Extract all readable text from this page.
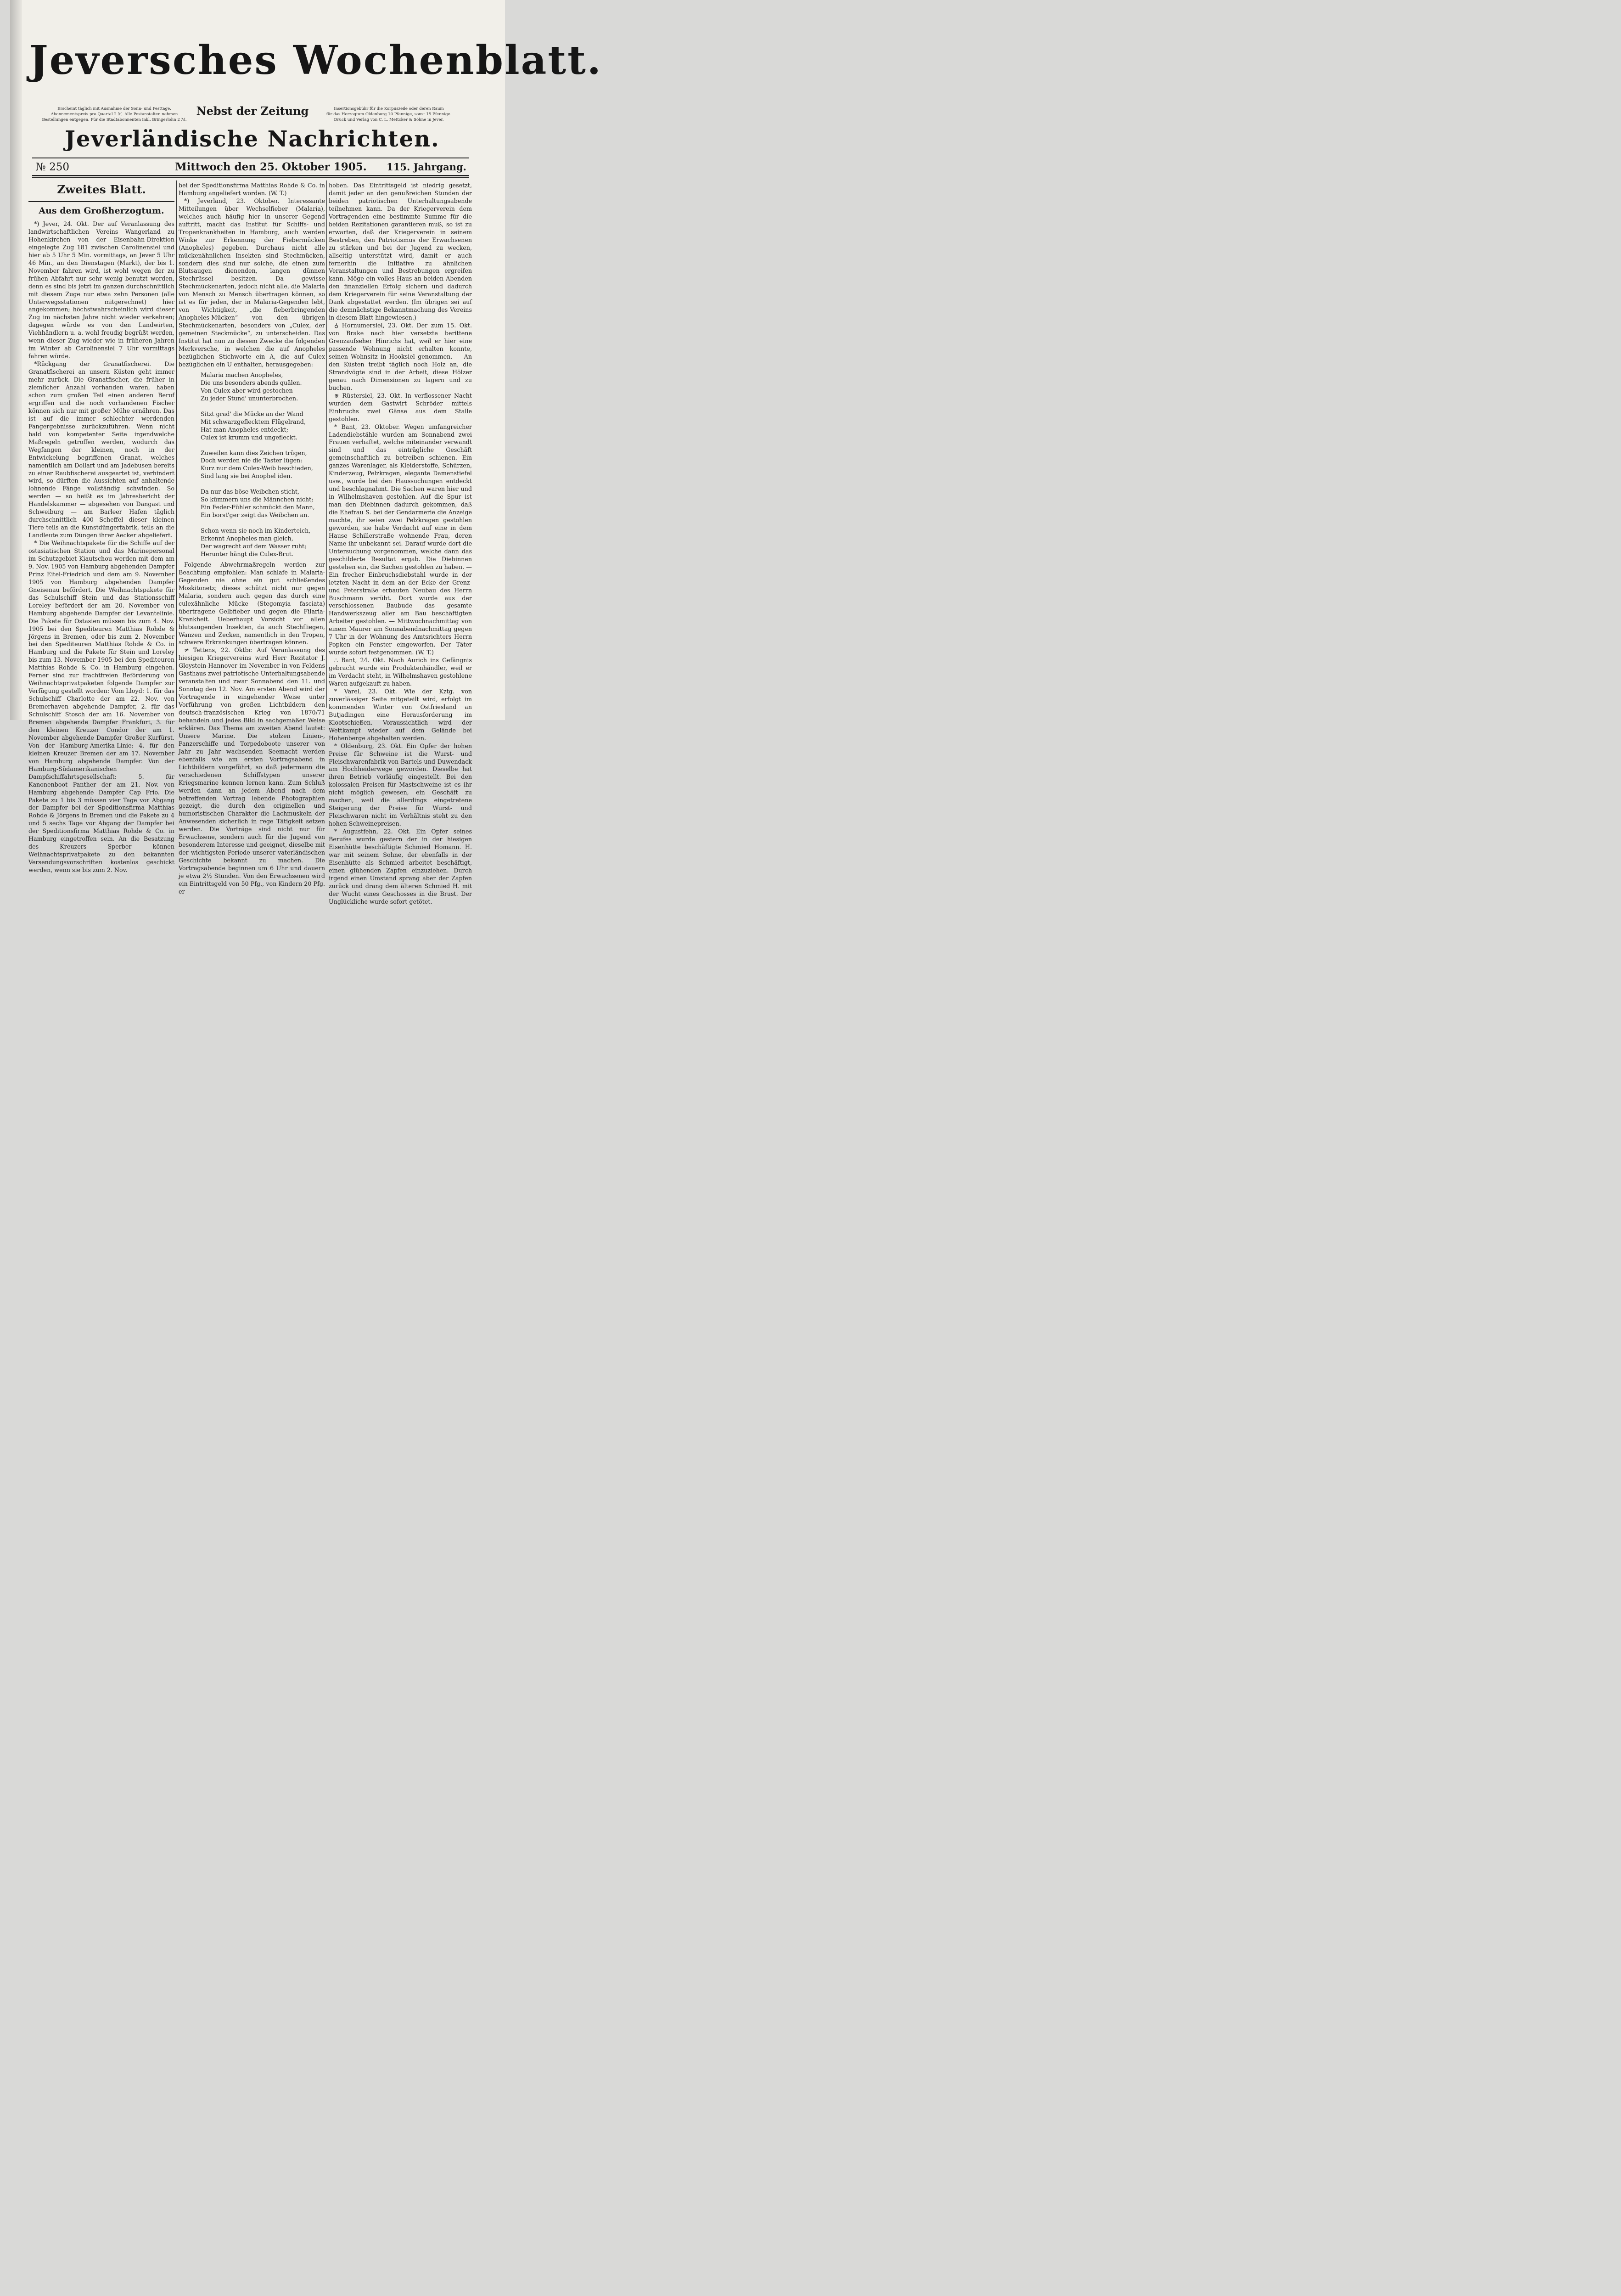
Jeversches Wochenblatt.

Erscheint täglich mit Ausnahme der Sonn- und Festtage.

Abonnementspreis pro Quartal 2 ℳ. Alle Postanstalten nehmen

Bestellungen entgegen. Für die Stadtabonnenten inkl. Bringerlohn 2 ℳ.

Nebst der Zeitung	Insertionsgebühr für die Korpuszeile oder deren Raum

für das Herzogtum Oldenburg 10 Pfennige, sonst 15 Pfennige.

Druck und Verlag von C. L. Mettcker & Söhne in Jever.

Jeverländische Nachrichten.
№ 250	Mittwoch den 25. Oktober 1905.	115. Jahrgang.

Zweites Blatt.

Aus dem Großherzogtum.

*) Jever, 24. Okt. Der auf Veranlassung des landwirtschaftlichen Vereins Wangerland zu Hohenkirchen von der Eisenbahn-Direktion eingelegte Zug 181 zwischen Carolinensiel und hier ab 5 Uhr 5 Min. vormittags, an Jever 5 Uhr 46 Min., an den Dienstagen (Markt), der bis 1. November fahren wird, ist wohl wegen der zu frühen Abfahrt nur sehr wenig benutzt worden, denn es sind bis jetzt im ganzen durchschnittlich mit diesem Zuge nur etwa zehn Personen (alle Unterwegsstationen mitgerechnet) hier angekommen; höchstwahrscheinlich wird dieser Zug im nächsten Jahre nicht wieder verkehren; dagegen würde es von den Landwirten, Viehhändlern u. a. wohl freudig begrüßt werden, wenn dieser Zug wieder wie in früheren Jahren im Winter ab Carolinensiel 7 Uhr vormittags fahren würde.

*Rückgang der Granatfischerei. Die Granatfischerei an unsern Küsten geht immer mehr zurück. Die Granatfischer, die früher in ziemlicher Anzahl vorhanden waren, haben schon zum großen Teil einen anderen Beruf ergriffen und die noch vorhandenen Fischer können sich nur mit großer Mühe ernähren. Das ist auf die immer schlechter werdenden Fangergebnisse zurückzuführen. Wenn nicht bald von kompetenter Seite irgendwelche Maßregeln getroffen werden, wodurch das Wegfangen der kleinen, noch in der Entwickelung begriffenen Granat, welches namentlich am Dollart und am Jadebusen bereits zu einer Raubfischerei ausgeartet ist, verhindert wird, so dürften die Aussichten auf anhaltende lohnende Fänge vollständig schwinden. So werden — so heißt es im Jahresbericht der Handelskammer — abgesehen von Dangast und Schweiburg — am Barleer Hafen täglich durchschnittlich 400 Scheffel dieser kleinen Tiere teils an die Kunstdüngerfabrik, teils an die Landleute zum Düngen ihrer Aecker abgeliefert.

* Die Weihnachtspakete für die Schiffe auf der ostasiatischen Station und das Marinepersonal im Schutzgebiet Kiautschou werden mit dem am 9. Nov. 1905 von Hamburg abgehenden Dampfer Prinz Eitel-Friedrich und dem am 9. November 1905 von Hamburg abgehenden Dampfer Gneisenau befördert. Die Weihnachtspakete für das Schulschiff Stein und das Stationsschiff Loreley befördert der am 20. November von Hamburg abgehende Dampfer der Levantelinie. Die Pakete für Ostasien müssen bis zum 4. Nov. 1905 bei den Spediteuren Matthias Rohde & Jörgens in Bremen, oder bis zum 2. November bei den Spediteuren Matthias Rohde & Co. in Hamburg und die Pakete für Stein und Loreley bis zum 13. November 1905 bei den Spediteuren Matthias Rohde & Co. in Hamburg eingehen. Ferner sind zur frachtfreien Beförderung von Weihnachtsprivatpaketen folgende Dampfer zur Verfügung gestellt worden: Vom Lloyd: 1. für das Schulschiff Charlotte der am 22. Nov. von Bremerhaven abgehende Dampfer, 2. für das Schulschiff Stosch der am 16. November von Bremen abgehende Dampfer Frankfurt, 3. für den kleinen Kreuzer Condor der am 1. November abgehende Dampfer Großer Kurfürst. Von der Hamburg-Amerika-Linie: 4. für den kleinen Kreuzer Bremen der am 17. November von Hamburg abgehende Dampfer. Von der Hamburg-Südamerikanischen Dampfschiffahrtsgesellschaft: 5. für Kanonenboot Panther der am 21. Nov. von Hamburg abgehende Dampfer Cap Frio. Die Pakete zu 1 bis 3 müssen vier Tage vor Abgang der Dampfer bei der Speditionsfirma Matthias Rohde & Jörgens in Bremen und die Pakete zu 4 und 5 sechs Tage vor Abgang der Dampfer bei der Speditionsfirma Matthias Rohde & Co. in Hamburg eingetroffen sein. An die Besatzung des Kreuzers Sperber können Weihnachtsprivatpakete zu den bekannten Versendungsvorschriften kostenlos geschickt werden, wenn sie bis zum 2. Nov.

bei der Speditionsfirma Matthias Rohde & Co. in Hamburg angeliefert worden. (W. T.)

*) Jeverland, 23. Oktober. Interessante Mitteilungen über Wechselfieber (Malaria), welches auch häufig hier in unserer Gegend auftritt, macht das Institut für Schiffs- und Tropenkrankheiten in Hamburg, auch werden Winke zur Erkennung der Fiebermücken (Anopheles) gegeben. Durchaus nicht alle mückenähnlichen Insekten sind Stechmücken, sondern dies sind nur solche, die einen zum Blutsaugen dienenden, langen dünnen Stechrüssel besitzen. Da gewisse Stechmückenarten, jedoch nicht alle, die Malaria von Mensch zu Mensch übertragen können, so ist es für jeden, der in Malaria-Gegenden lebt, von Wichtigkeit, „die fieberbringenden Anopheles-Mücken“ von den übrigen Stechmückenarten, besonders von „Culex, der gemeinen Steckmücke“, zu unterscheiden. Das Institut hat nun zu diesem Zwecke die folgenden Merkversche, in welchen die auf Anopheles bezüglichen Stichworte ein A, die auf Culex bezüglichen ein U enthalten, herausgegeben:

Malaria machen Anopheles,
Die uns besonders abends quälen.
Von Culex aber wird gestochen
Zu jeder Stund' ununterbrochen.
Sitzt grad' die Mücke an der Wand
Mit schwarzgeflecktem Flügelrand,
Hat man Anopheles entdeckt;
Culex ist krumm und ungefleckt.
Zuweilen kann dies Zeichen trügen,
Doch werden nie die Taster lügen:
Kurz nur dem Culex-Weib beschieden,
Sind lang sie bei Anophel iden.
Da nur das böse Weibchen sticht,
So kümmern uns die Männchen nicht;
Ein Feder-Fühler schmückt den Mann,
Ein borst'ger zeigt das Weibchen an.
Schon wenn sie noch im Kinderteich,
Erkennt Anopheles man gleich,
Der wagrecht auf dem Wasser ruht;
Herunter hängt die Culex-Brut.

Folgende Abwehrmaßregeln werden zur Beachtung empfohlen: Man schlafe in Malaria-Gegenden nie ohne ein gut schließendes Moskitonetz; dieses schützt nicht nur gegen Malaria, sondern auch gegen das durch eine culexähnliche Mücke (Stegomyia fasciata) übertragene Gelbfieber und gegen die Filaria-Krankheit. Ueberhaupt Vorsicht vor allen blutsaugenden Insekten, da auch Stechfliegen, Wanzen und Zecken, namentlich in den Tropen, schwere Erkrankungen übertragen können.

≠ Tettens, 22. Oktbr. Auf Veranlassung des hiesigen Kriegervereins wird Herr Rezitator J. Gloystein-Hannover im November in von Feldens Gasthaus zwei patriotische Unterhaltungsabende veranstalten und zwar Sonnabend den 11. und Sonntag den 12. Nov. Am ersten Abend wird der Vortragende in eingehender Weise unter Vorführung von großen Lichtbildern den deutsch-französischen Krieg von 1870/71 behandeln und jedes Bild in sachgemäßer Weise erklären. Das Thema am zweiten Abend lautet: Unsere Marine. Die stolzen Linien-, Panzerschiffe und Torpedoboote unserer von Jahr zu Jahr wachsenden Seemacht werden ebenfalls wie am ersten Vortragsabend in Lichtbildern vorgeführt, so daß jedermann die verschiedenen Schiffstypen unserer Kriegsmarine kennen lernen kann. Zum Schluß werden dann an jedem Abend nach dem betreffenden Vortrag lebende Photographien gezeigt, die durch den originellen und humoristischen Charakter die Lachmuskeln der Anwesenden sicherlich in rege Tätigkeit setzen werden. Die Vorträge sind nicht nur für Erwachsene, sondern auch für die Jugend von besonderem Interesse und geeignet, dieselbe mit der wichtigsten Periode unserer vaterländischen Geschichte bekannt zu machen. Die Vortragsabende beginnen um 6 Uhr und dauern je etwa 2½ Stunden. Von den Erwachsenen wird ein Eintrittsgeld von 50 Pfg., von Kindern 20 Pfg. er-

hoben. Das Eintrittsgeld ist niedrig gesetzt, damit jeder an den genußreichen Stunden der beiden patriotischen Unterhaltungsabende teilnehmen kann. Da der Kriegerverein dem Vortragenden eine bestimmte Summe für die beiden Rezitationen garantieren muß, so ist zu erwarten, daß der Kriegerverein in seinem Bestreben, den Patriotismus der Erwachsenen zu stärken und bei der Jugend zu wecken, allseitig unterstützt wird, damit er auch fernerhin die Initiative zu ähnlichen Veranstaltungen und Bestrebungen ergreifen kann. Möge ein volles Haus an beiden Abenden den finanziellen Erfolg sichern und dadurch dem Kriegerverein für seine Veranstaltung der Dank abgestattet werden. (Im übrigen sei auf die demnächstige Bekanntmachung des Vereins in diesem Blatt hingewiesen.)

♁ Hornumersiel, 23. Okt. Der zum 15. Okt. von Brake nach hier versetzte berittene Grenzaufseher Hinrichs hat, weil er hier eine passende Wohnung nicht erhalten konnte, seinen Wohnsitz in Hooksiel genommen. — An den Küsten treibt täglich noch Holz an, die Strandvögte sind in der Arbeit, diese Hölzer genau nach Dimensionen zu lagern und zu buchen.

⋇ Rüstersiel, 23. Okt. In verflossener Nacht wurden dem Gastwirt Schröder mittels Einbruchs zwei Gänse aus dem Stalle gestohlen.

* Bant, 23. Oktober. Wegen umfangreicher Ladendiebstähle wurden am Sonnabend zwei Frauen verhaftet, welche miteinander verwandt sind und das einträgliche Geschäft gemeinschaftlich zu betreiben schienen. Ein ganzes Warenlager, als Kleiderstoffe, Schürzen, Kinderzeug, Pelzkragen, elegante Damenstiefel usw., wurde bei den Haussuchungen entdeckt und beschlagnahmt. Die Sachen waren hier und in Wilhelmshaven gestohlen. Auf die Spur ist man den Diebinnen dadurch gekommen, daß die Ehefrau S. bei der Gendarmerie die Anzeige machte, ihr seien zwei Pelzkragen gestohlen geworden, sie habe Verdacht auf eine in dem Hause Schillerstraße wohnende Frau, deren Name ihr unbekannt sei. Darauf wurde dort die Untersuchung vorgenommen, welche dann das geschilderte Resultat ergab. Die Diebinnen gestehen ein, die Sachen gestohlen zu haben. — Ein frecher Einbruchsdiebstahl wurde in der letzten Nacht in dem an der Ecke der Grenz- und Peterstraße erbauten Neubau des Herrn Buschmann verübt. Dort wurde aus der verschlossenen Baubude das gesamte Handwerkszeug aller am Bau beschäftigten Arbeiter gestohlen. — Mittwochnachmittag von einem Maurer am Sonnabendnachmittag gegen 7 Uhr in der Wohnung des Amtsrichters Herrn Popken ein Fenster eingeworfen. Der Täter wurde sofort festgenommen. (W. T.)

∴ Bant, 24. Okt. Nach Aurich ins Gefängnis gebracht wurde ein Produktenhändler, weil er im Verdacht steht, in Wilhelmshaven gestohlene Waren aufgekauft zu haben.

* Varel, 23. Okt. Wie der Kztg. von zuverlässiger Seite mitgeteilt wird, erfolgt im kommenden Winter von Ostfriesland an Butjadingen eine Herausforderung im Klootschießen. Voraussichtlich wird der Wettkampf wieder auf dem Gelände bei Hohenberge abgehalten werden.

* Oldenburg, 23. Okt. Ein Opfer der hohen Preise für Schweine ist die Wurst- und Fleischwarenfabrik von Bartels und Duwendack am Hochheiderwege geworden. Dieselbe hat ihren Betrieb vorläufig eingestellt. Bei den kolossalen Preisen für Mastschweine ist es ihr nicht möglich gewesen, ein Geschäft zu machen, weil die allerdings eingetretene Steigerung der Preise für Wurst- und Fleischwaren nicht im Verhältnis steht zu den hohen Schweinepreisen.

* Augustfehn, 22. Okt. Ein Opfer seines Berufes wurde gestern der in der hiesigen Eisenhütte beschäftigte Schmied Homann. H. war mit seinem Sohne, der ebenfalls in der Eisenhütte als Schmied arbeitet beschäftigt, einen glühenden Zapfen einzuziehen. Durch irgend einen Umstand sprang aber der Zapfen zurück und drang dem älteren Schmied H. mit der Wucht eines Geschosses in die Brust. Der Unglückliche wurde sofort getötet.
